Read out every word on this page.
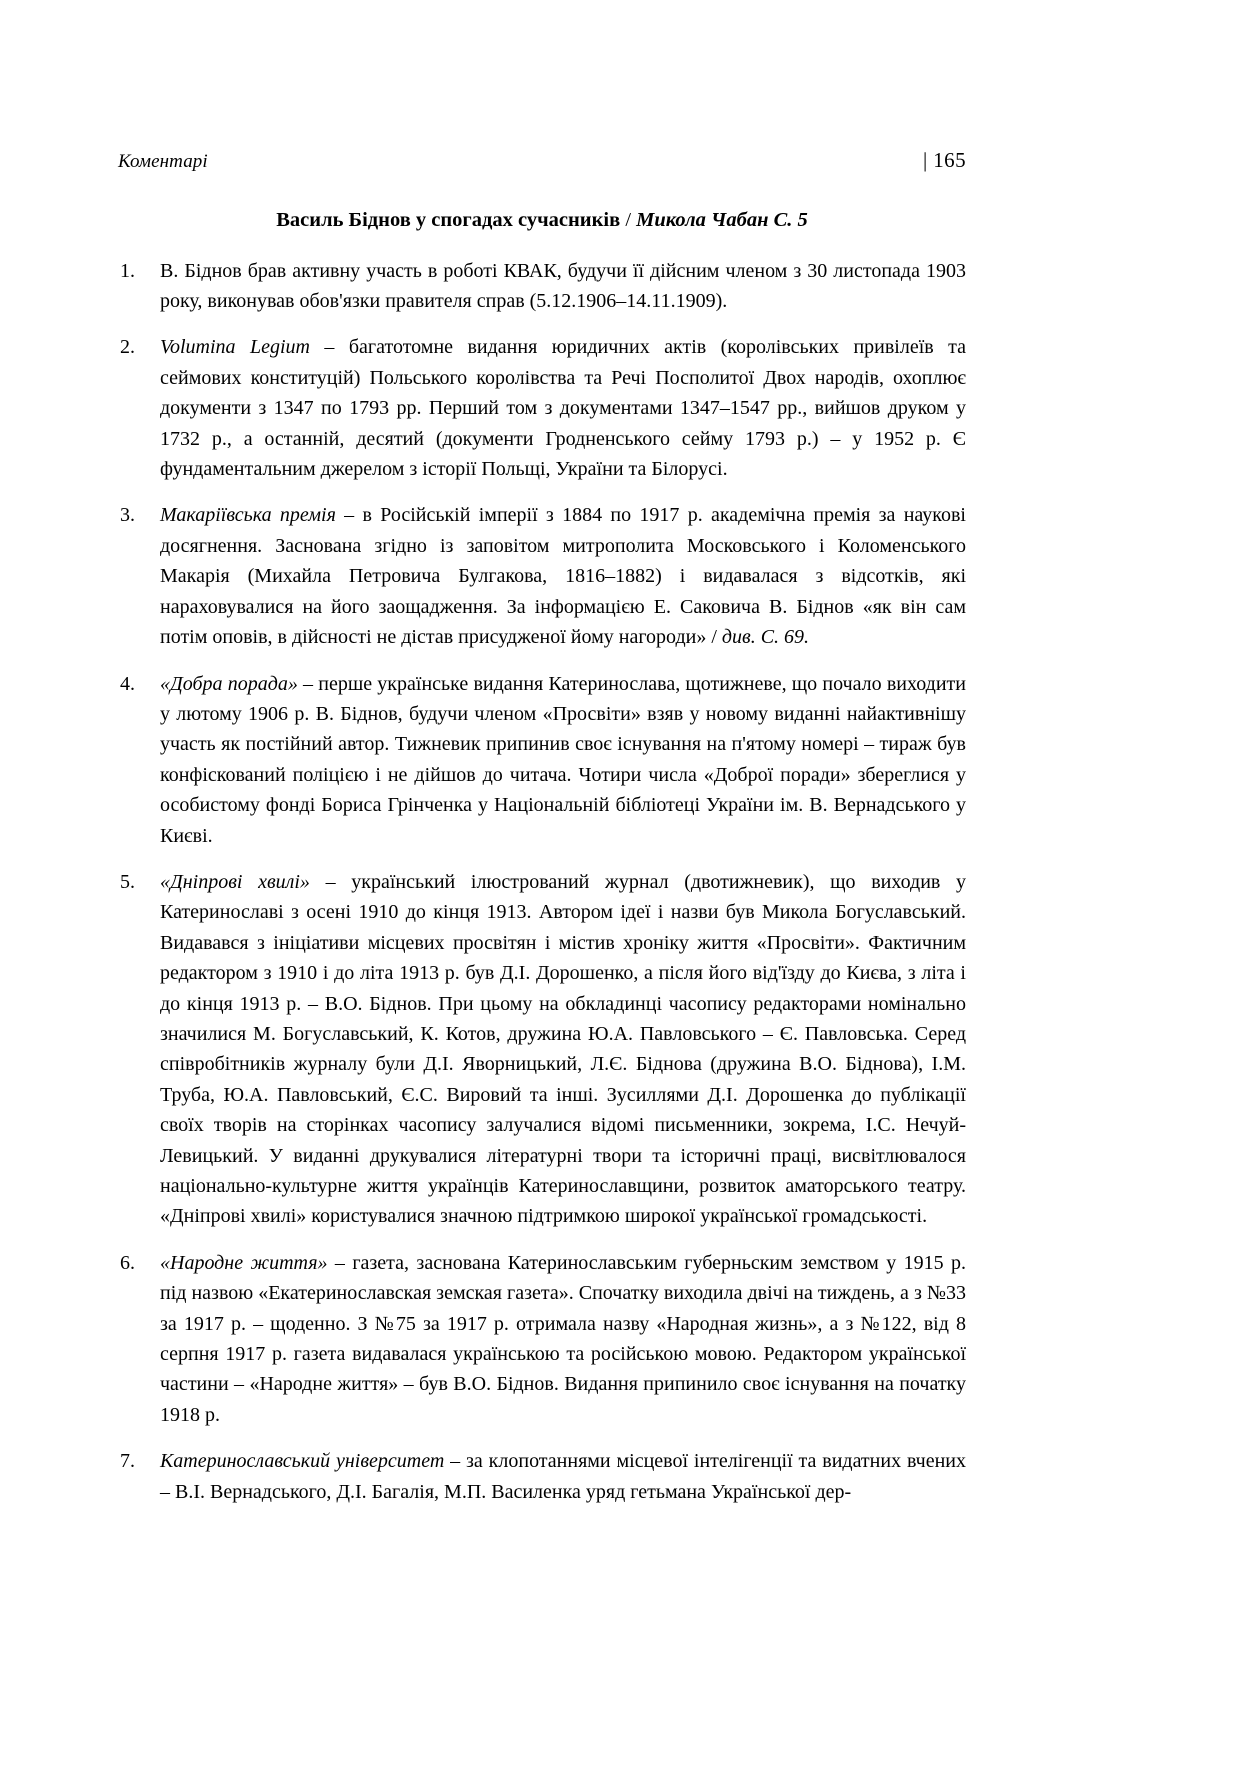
Коментарі	| 165
Василь Біднов у спогадах сучасників / Микола Чабан С. 5
1.	В. Біднов брав активну участь в роботі КВАК, будучи її дійсним членом з 30 листопада 1903 року, виконував обов'язки правителя справ (5.12.1906–14.11.1909).
2.	Volumina Legium – багатотомне видання юридичних актів (королівських привілеїв та сеймових конституцій) Польського королівства та Речі Посполитої Двох народів, охоплює документи з 1347 по 1793 рр. Перший том з документами 1347–1547 рр., вийшов друком у 1732 р., а останній, десятий (документи Гродненського сейму 1793 р.) – у 1952 р. Є фундаментальним джерелом з історії Польщі, України та Білорусі.
3.	Макаріївська премія – в Російській імперії з 1884 по 1917 р. академічна премія за наукові досягнення. Заснована згідно із заповітом митрополита Московського і Коломенського Макарія (Михайла Петровича Булгакова, 1816–1882) і видавалася з відсотків, які нараховувалися на його заощадження. За інформацією Е. Саковича В. Біднов «як він сам потім оповів, в дійсності не дістав присудженої йому нагороди» / див. С. 69.
4.	«Добра порада» – перше українське видання Катеринослава, щотижневе, що почало виходити у лютому 1906 р. В. Біднов, будучи членом «Просвіти» взяв у новому виданні найактивнішу участь як постійний автор. Тижневик припинив своє існування на п'ятому номері – тираж був конфіскований поліцією і не дійшов до читача. Чотири числа «Доброї поради» збереглися у особистому фонді Бориса Грінченка у Національній бібліотеці України ім. В. Вернадського у Києві.
5.	«Дніпрові хвилі» – український ілюстрований журнал (двотижневик), що виходив у Катеринославі з осені 1910 до кінця 1913. Автором ідеї і назви був Микола Богуславський. Видавався з ініціативи місцевих просвітян і містив хроніку життя «Просвіти». Фактичним редактором з 1910 і до літа 1913 р. був Д.І. Дорошенко, а після його від'їзду до Києва, з літа і до кінця 1913 р. – В.О. Біднов. При цьому на обкладинці часопису редакторами номінально значилися М. Богуславський, К. Котов, дружина Ю.А. Павловського – Є. Павловська. Серед співробітників журналу були Д.І. Яворницький, Л.Є. Біднова (дружина В.О. Біднова), І.М. Труба, Ю.А. Павловський, Є.С. Вировий та інші. Зусиллями Д.І. Дорошенка до публікації своїх творів на сторінках часопису залучалися відомі письменники, зокрема, І.С. Нечуй-Левицький. У виданні друкувалися літературні твори та історичні праці, висвітлювалося національно-культурне життя українців Катеринославщини, розвиток аматорського театру. «Дніпрові хвилі» користувалися значною підтримкою широкої української громадськості.
6.	«Народне життя» – газета, заснована Катеринославським губерньским земством у 1915 р. під назвою «Екатеринославская земская газета». Спочатку виходила двічі на тиждень, а з №33 за 1917 р. – щоденно. З №75 за 1917 р. отримала назву «Народная жизнь», а з №122, від 8 серпня 1917 р. газета видавалася українською та російською мовою. Редактором української частини – «Народне життя» – був В.О. Біднов. Видання припинило своє існування на початку 1918 р.
7.	Катеринославський університет – за клопотаннями місцевої інтелігенції та видатних вчених – В.І. Вернадського, Д.І. Багалія, М.П. Василенка уряд гетьмана Української дер-
